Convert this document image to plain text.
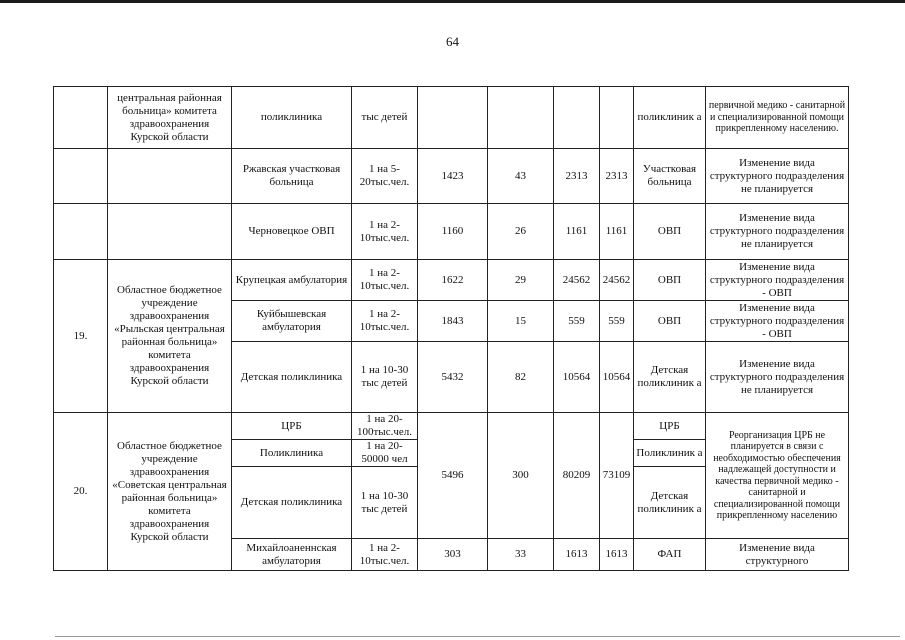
64
	центральная районная больница» комитета здравоохранения Курской области	поликлиника	тыс детей					поликлиник а	первичной медико - санитарной и специализированной помощи прикрепленному населению.
		Ржавская участковая больница	1 на 5-20тыс.чел.	1423	43	2313	2313	Участковая больница	Изменение вида структурного подразделения не планируется
		Черновецкое ОВП	1 на 2-10тыс.чел.	1160	26	1161	1161	ОВП	Изменение вида структурного подразделения не планируется
19.	Областное бюджетное учреждение здравоохранения «Рыльская центральная районная больница» комитета здравоохранения Курской области	Крупецкая амбулатория	1 на 2-10тыс.чел.	1622	29	24562	24562	ОВП	Изменение вида структурного подразделения - ОВП
		Куйбышевская амбулатория	1 на 2-10тыс.чел.	1843	15	559	559	ОВП	Изменение вида структурного подразделения - ОВП
		Детская поликлиника	1 на 10-30 тыс детей	5432	82	10564	10564	Детская поликлиник а	Изменение вида структурного подразделения не планируется
20.	Областное бюджетное учреждение здравоохранения «Советская центральная районная больница» комитета здравоохранения Курской области	ЦРБ	1 на 20-100тыс.чел.	5496	300	80209	73109	ЦРБ	Реорганизация ЦРБ не планируется в связи с необходимостью обеспечения надлежащей доступности и качества первичной медико - санитарной и специализированной помощи прикрепленному населению
		Поликлиника	1 на 20-50000 чел					Поликлиник а	
		Детская поликлиника	1 на 10-30 тыс детей					Детская поликлиник а	
		Михайлоаненнская амбулатория	1 на 2-10тыс.чел.	303	33	1613	1613	ФАП	Изменение вида структурного
